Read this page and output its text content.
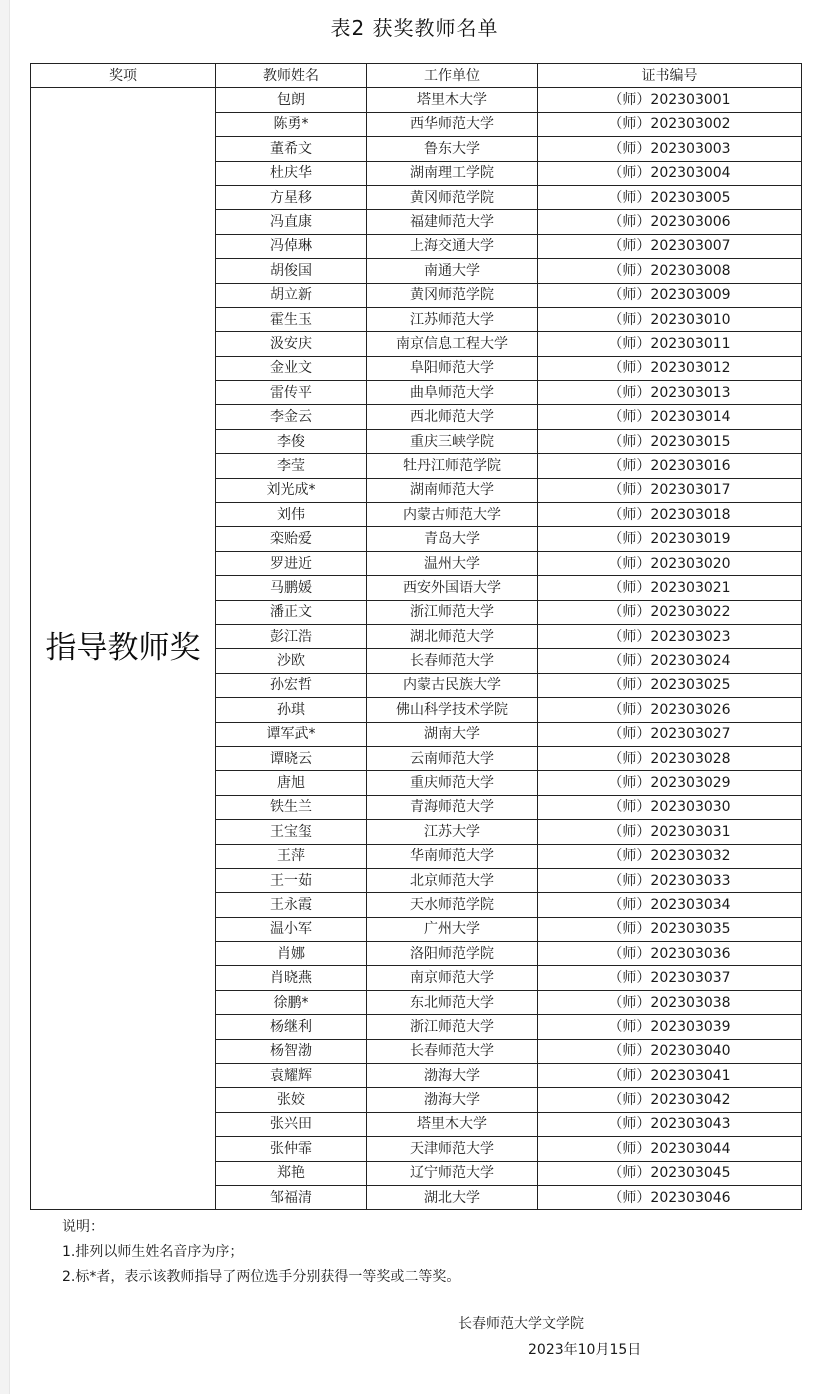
表2 获奖教师名单
奖项	教师姓名	工作单位	证书编号
指导教师奖	包朗	塔里木大学	（师）202303001
	陈勇*	西华师范大学	（师）202303002
	董希文	鲁东大学	（师）202303003
	杜庆华	湖南理工学院	（师）202303004
	方星移	黄冈师范学院	（师）202303005
	冯直康	福建师范大学	（师）202303006
	冯倬琳	上海交通大学	（师）202303007
	胡俊国	南通大学	（师）202303008
	胡立新	黄冈师范学院	（师）202303009
	霍生玉	江苏师范大学	（师）202303010
	汲安庆	南京信息工程大学	（师）202303011
	金业文	阜阳师范大学	（师）202303012
	雷传平	曲阜师范大学	（师）202303013
	李金云	西北师范大学	（师）202303014
	李俊	重庆三峡学院	（师）202303015
	李莹	牡丹江师范学院	（师）202303016
	刘光成*	湖南师范大学	（师）202303017
	刘伟	内蒙古师范大学	（师）202303018
	栾贻爱	青岛大学	（师）202303019
	罗进近	温州大学	（师）202303020
	马鹏媛	西安外国语大学	（师）202303021
	潘正文	浙江师范大学	（师）202303022
	彭江浩	湖北师范大学	（师）202303023
	沙欧	长春师范大学	（师）202303024
	孙宏哲	内蒙古民族大学	（师）202303025
	孙琪	佛山科学技术学院	（师）202303026
	谭军武*	湖南大学	（师）202303027
	谭晓云	云南师范大学	（师）202303028
	唐旭	重庆师范大学	（师）202303029
	铁生兰	青海师范大学	（师）202303030
	王宝玺	江苏大学	（师）202303031
	王萍	华南师范大学	（师）202303032
	王一茹	北京师范大学	（师）202303033
	王永霞	天水师范学院	（师）202303034
	温小军	广州大学	（师）202303035
	肖娜	洛阳师范学院	（师）202303036
	肖晓燕	南京师范大学	（师）202303037
	徐鹏*	东北师范大学	（师）202303038
	杨继利	浙江师范大学	（师）202303039
	杨智渤	长春师范大学	（师）202303040
	袁耀辉	渤海大学	（师）202303041
	张姣	渤海大学	（师）202303042
	张兴田	塔里木大学	（师）202303043
	张仲霏	天津师范大学	（师）202303044
	郑艳	辽宁师范大学	（师）202303045
	邹福清	湖北大学	（师）202303046
说明：
1.排列以师生姓名音序为序；
2.标*者，表示该教师指导了两位选手分别获得一等奖或二等奖。
长春师范大学文学院
2023年10月15日
